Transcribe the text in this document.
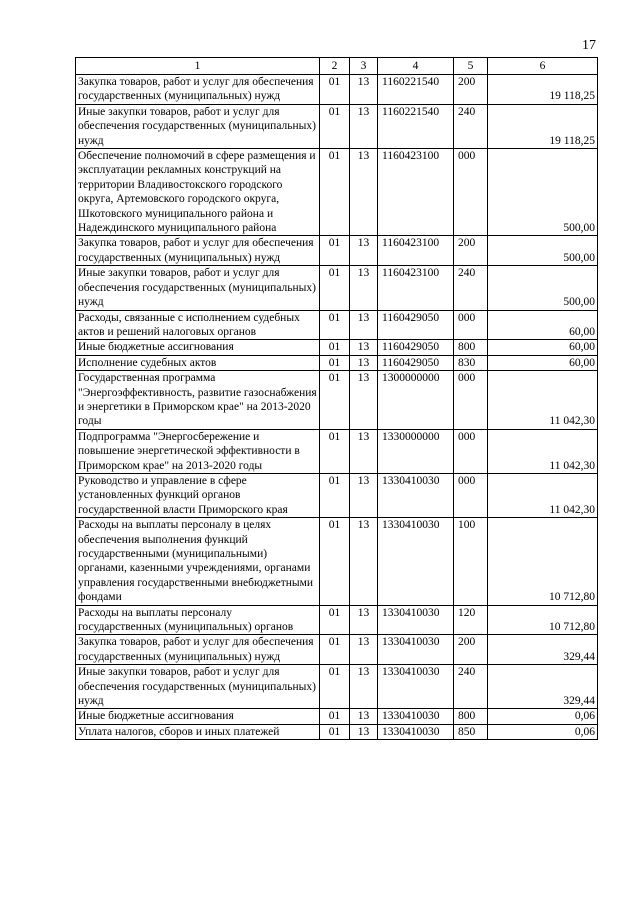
17
1	2	3	4	5	6
Закупка товаров, работ и услуг для обеспечения государственных (муниципальных) нужд	01	13	1160221540	200	19 118,25
Иные закупки товаров, работ и услуг для обеспечения государственных (муниципальных) нужд	01	13	1160221540	240	19 118,25
Обеспечение полномочий в сфере размещения и эксплуатации рекламных конструкций на территории Владивостокского городского округа, Артемовского городского округа, Шкотовского муниципального района и Надеждинского муниципального района	01	13	1160423100	000	500,00
Закупка товаров, работ и услуг для обеспечения государственных (муниципальных) нужд	01	13	1160423100	200	500,00
Иные закупки товаров, работ и услуг для обеспечения государственных (муниципальных) нужд	01	13	1160423100	240	500,00
Расходы, связанные с исполнением судебных актов и решений налоговых органов	01	13	1160429050	000	60,00
Иные бюджетные ассигнования	01	13	1160429050	800	60,00
Исполнение судебных актов	01	13	1160429050	830	60,00
Государственная программа "Энергоэффективность, развитие газоснабжения и энергетики в Приморском крае" на 2013-2020 годы	01	13	1300000000	000	11 042,30
Подпрограмма "Энергосбережение и повышение энергетической эффективности в Приморском крае" на 2013-2020 годы	01	13	1330000000	000	11 042,30
Руководство и управление в сфере установленных функций органов государственной власти Приморского края	01	13	1330410030	000	11 042,30
Расходы на выплаты персоналу в целях обеспечения выполнения функций государственными (муниципальными) органами, казенными учреждениями, органами управления государственными внебюджетными фондами	01	13	1330410030	100	10 712,80
Расходы на выплаты персоналу государственных (муниципальных) органов	01	13	1330410030	120	10 712,80
Закупка товаров, работ и услуг для обеспечения государственных (муниципальных) нужд	01	13	1330410030	200	329,44
Иные закупки товаров, работ и услуг для обеспечения государственных (муниципальных) нужд	01	13	1330410030	240	329,44
Иные бюджетные ассигнования	01	13	1330410030	800	0,06
Уплата налогов, сборов и иных платежей	01	13	1330410030	850	0,06
